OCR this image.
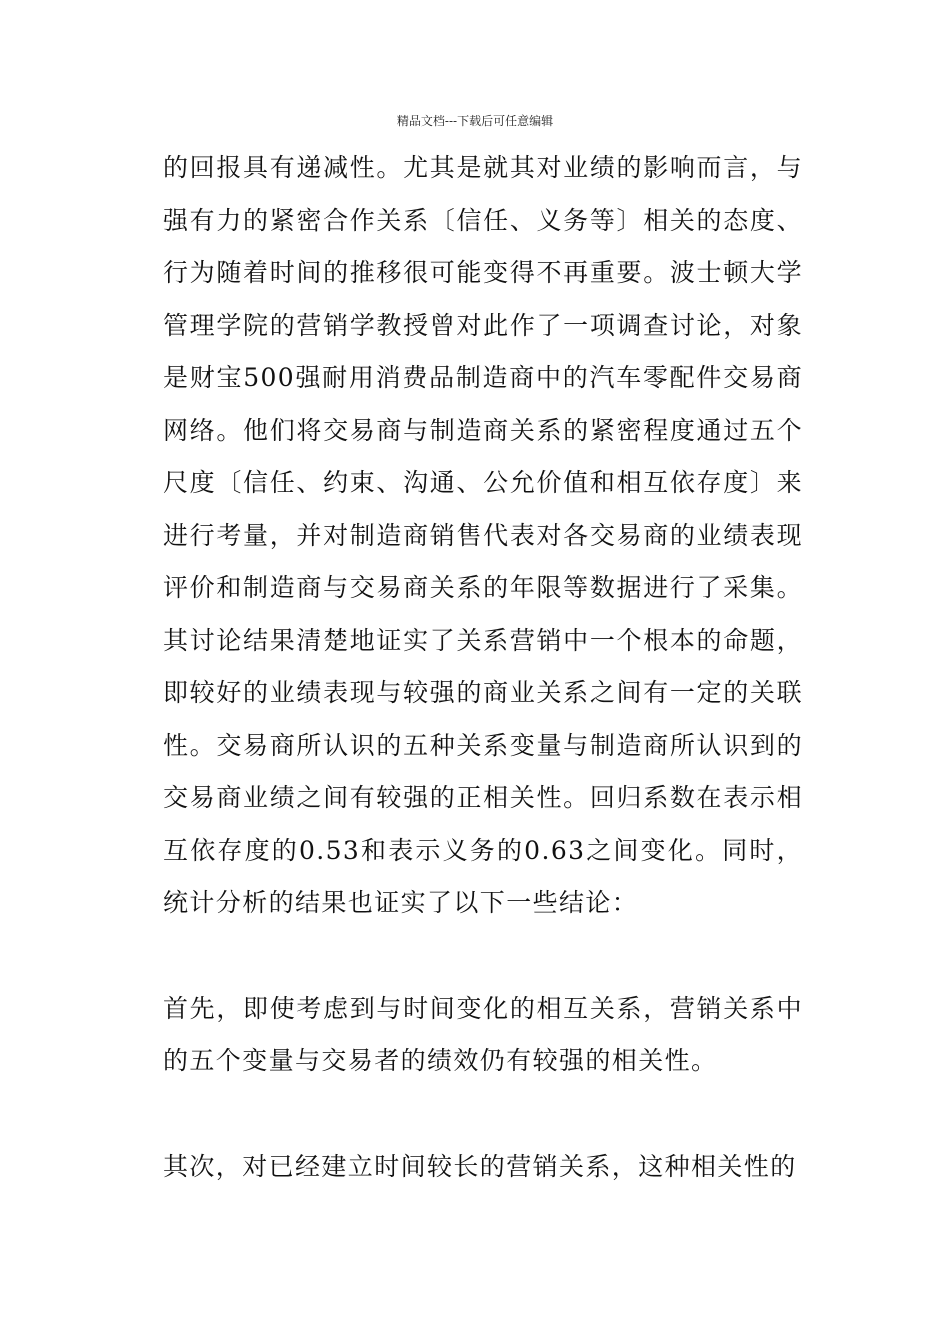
精品文档---下载后可任意编辑

的回报具有递减性。尤其是就其对业绩的影响而言，与强有力的紧密合作关系〔信任、义务等〕相关的态度、行为随着时间的推移很可能变得不再重要。波士顿大学管理学院的营销学教授曾对此作了一项调查讨论，对象是财宝500强耐用消费品制造商中的汽车零配件交易商网络。他们将交易商与制造商关系的紧密程度通过五个尺度〔信任、约束、沟通、公允价值和相互依存度〕来进行考量，并对制造商销售代表对各交易商的业绩表现评价和制造商与交易商关系的年限等数据进行了采集。其讨论结果清楚地证实了关系营销中一个根本的命题，即较好的业绩表现与较强的商业关系之间有一定的关联性。交易商所认识的五种关系变量与制造商所认识到的交易商业绩之间有较强的正相关性。回归系数在表示相互依存度的0.53和表示义务的0.63之间变化。同时，统计分析的结果也证实了以下一些结论：

首先，即使考虑到与时间变化的相互关系，营销关系中的五个变量与交易者的绩效仍有较强的相关性。

其次，对已经建立时间较长的营销关系，这种相关性的
